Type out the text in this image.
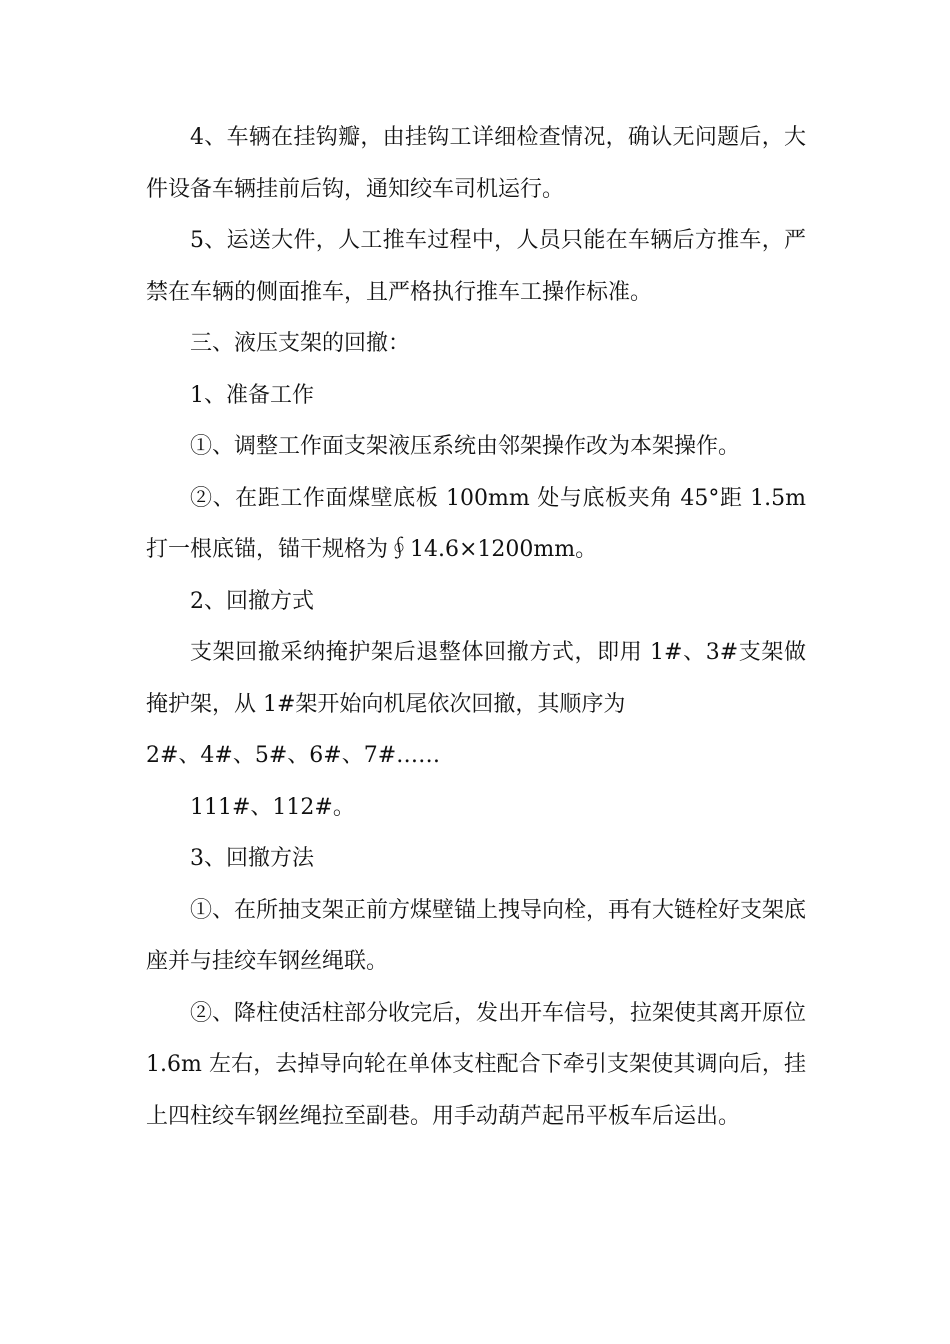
4、车辆在挂钩瓣，由挂钩工详细检查情况，确认无问题后，大件设备车辆挂前后钩，通知绞车司机运行。

5、运送大件，人工推车过程中，人员只能在车辆后方推车，严禁在车辆的侧面推车，且严格执行推车工操作标准。

三、液压支架的回撤：

1、准备工作

①、调整工作面支架液压系统由邻架操作改为本架操作。

②、在距工作面煤壁底板 100mm 处与底板夹角 45°距 1.5m 打一根底锚，锚干规格为∮14.6×1200mm。

2、回撤方式

支架回撤采纳掩护架后退整体回撤方式，即用 1#、3#支架做掩护架，从 1#架开始向机尾依次回撤，其顺序为

2#、4#、5#、6#、7#……

111#、112#。

3、回撤方法

①、在所抽支架正前方煤壁锚上拽导向栓，再有大链栓好支架底座并与挂绞车钢丝绳联。

②、降柱使活柱部分收完后，发出开车信号，拉架使其离开原位 1.6m 左右，去掉导向轮在单体支柱配合下牵引支架使其调向后，挂上四柱绞车钢丝绳拉至副巷。用手动葫芦起吊平板车后运出。
